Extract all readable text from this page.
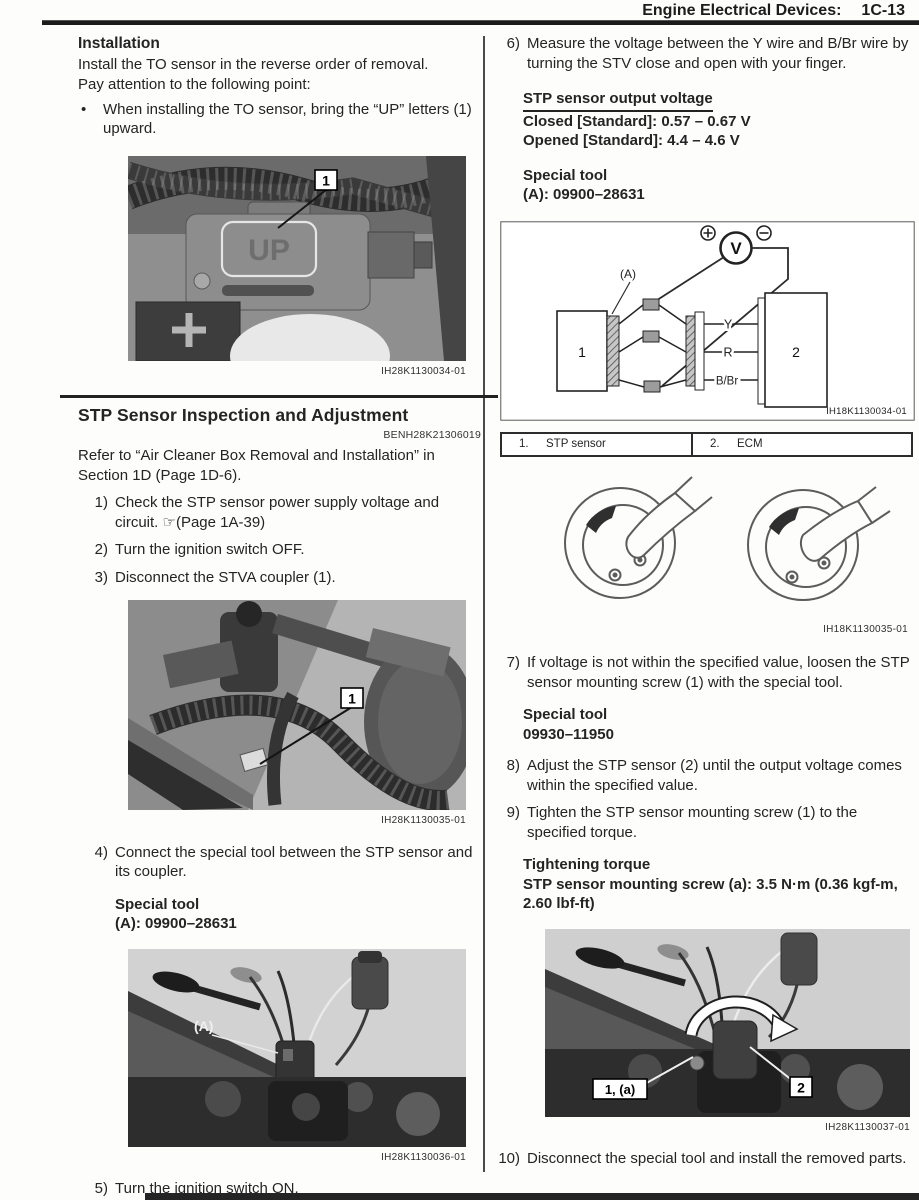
Engine Electrical Devices: 1C-13
Installation

Install the TO sensor in the reverse order of removal.

Pay attention to the following point:

•	When installing the TO sensor, bring the “UP” letters (1) upward.
UP
1
IH28K1130034-01
STP Sensor Inspection and Adjustment
BENH28K21306019

Refer to “Air Cleaner Box Removal and Installation” in Section 1D (Page 1D-6).

1) Check the STP sensor power supply voltage and circuit. ☞(Page 1A-39)
2) Turn the ignition switch OFF.
3) Disconnect the STVA coupler (1).
1
IH28K1130035-01
4) Connect the special tool between the STP sensor and its coupler.
Special tool
(A): 09900–28631
(A)
IH28K1130036-01
5) Turn the ignition switch ON.
6) Measure the voltage between the Y wire and B/Br wire by turning the STV close and open with your finger.
STP sensor output voltage
Closed [Standard]: 0.57 – 0.67 V
Opened [Standard]: 4.4 – 4.6 V
Special tool
(A): 09900–28631
V
(A)
1
Y
R
B/Br
2
IH18K1130034-01
1.	STP sensor	2.	ECM
IH18K1130035-01
7) If voltage is not within the specified value, loosen the STP sensor mounting screw (1) with the special tool.
Special tool
09930–11950
8) Adjust the STP sensor (2) until the output voltage comes within the specified value.
9) Tighten the STP sensor mounting screw (1) to the specified torque.
Tightening torque
STP sensor mounting screw (a): 3.5 N·m (0.36 kgf-m, 2.60 lbf-ft)
1, (a)	2
IH28K1130037-01
10) Disconnect the special tool and install the removed parts.
